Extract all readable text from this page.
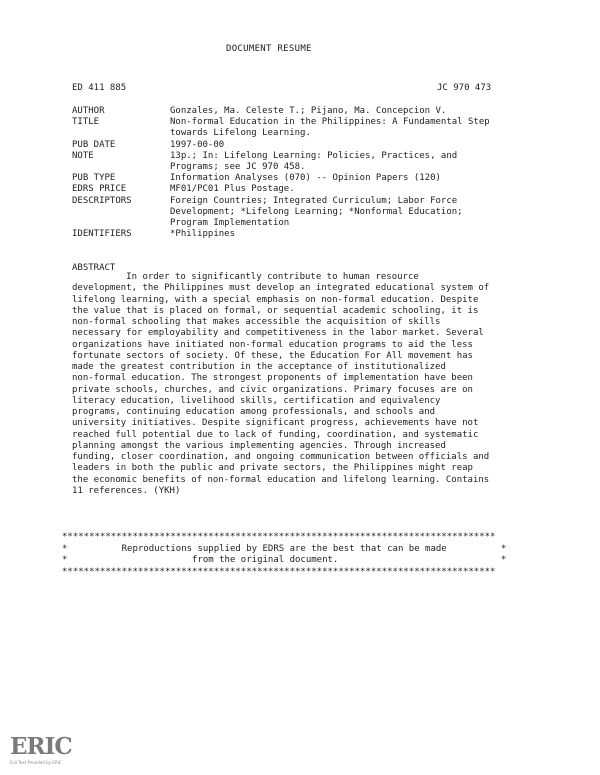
DOCUMENT RESUME
ED 411 885	JC 970 473
AUTHOR	Gonzales, Ma. Celeste T.; Pijano, Ma. Concepcion V.
TITLE	Non-formal Education in the Philippines: A Fundamental Step
towards Lifelong Learning.
PUB DATE	1997-00-00
NOTE	13p.; In: Lifelong Learning: Policies, Practices, and
Programs; see JC 970 458.
PUB TYPE	Information Analyses (070) -- Opinion Papers (120)
EDRS PRICE	MF01/PC01 Plus Postage.
DESCRIPTORS	Foreign Countries; Integrated Curriculum; Labor Force
Development; *Lifelong Learning; *Nonformal Education;
Program Implementation
IDENTIFIERS	*Philippines
ABSTRACT
In order to significantly contribute to human resource
development, the Philippines must develop an integrated educational system of
lifelong learning, with a special emphasis on non-formal education. Despite
the value that is placed on formal, or sequential academic schooling, it is
non-formal schooling that makes accessible the acquisition of skills
necessary for employability and competitiveness in the labor market. Several
organizations have initiated non-formal education programs to aid the less
fortunate sectors of society. Of these, the Education For All movement has
made the greatest contribution in the acceptance of institutionalized
non-formal education. The strongest proponents of implementation have been
private schools, churches, and civic organizations. Primary focuses are on
literacy education, livelihood skills, certification and equivalency
programs, continuing education among professionals, and schools and
university initiatives. Despite significant progress, achievements have not
reached full potential due to lack of funding, coordination, and systematic
planning amongst the various implementing agencies. Through increased
funding, closer coordination, and ongoing communication between officials and
leaders in both the public and private sectors, the Philippines might reap
the economic benefits of non-formal education and lifelong learning. Contains
11 references. (YKH)
********************************************************************************
*          Reproductions supplied by EDRS are the best that can be made          *
*                       from the original document.                              *
********************************************************************************
ERIC
Full Text Provided by ERIC
